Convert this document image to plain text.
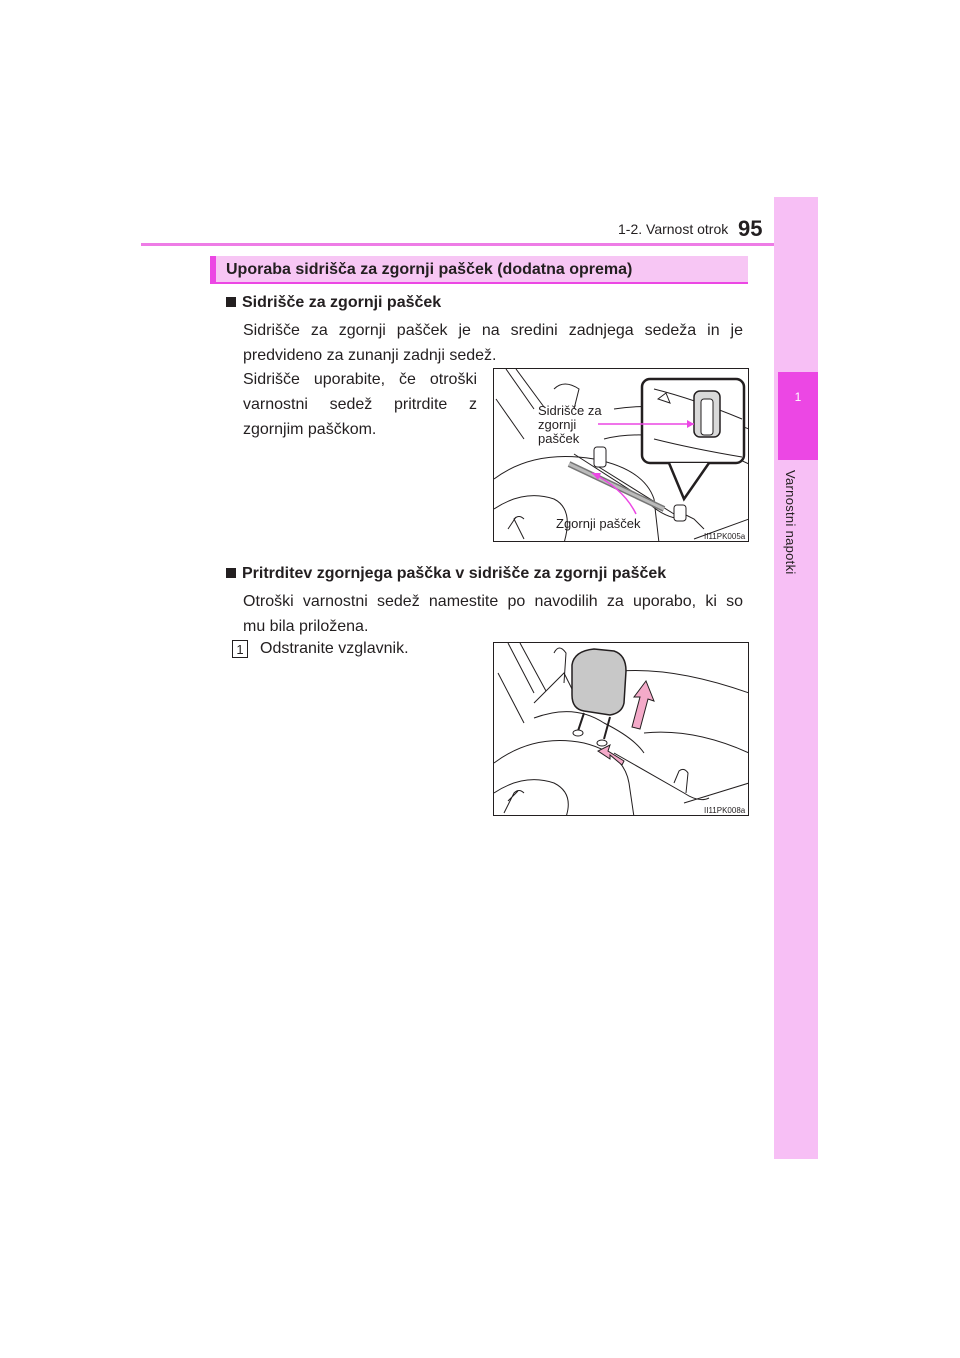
1-2. Varnost otrok 95
1
Varnostni napotki
Uporaba sidrišča za zgornji pašček (dodatna oprema)
Sidrišče za zgornji pašček
Sidrišče za zgornji pašček je na sredini zadnjega sedeža in je
predvideno za zunanji zadnji sedež.
Sidrišče uporabite, če otroški
varnostni sedež pritrdite z
zgornjim paščkom.
Sidrišče za
zgornji
pašček
Zgornji pašček
II11PK005a
Pritrditev zgornjega paščka v sidrišče za zgornji pašček
Otroški varnostni sedež namestite po navodilih za uporabo, ki so
mu bila priložena.
1 Odstranite vzglavnik.
II11PK008a
